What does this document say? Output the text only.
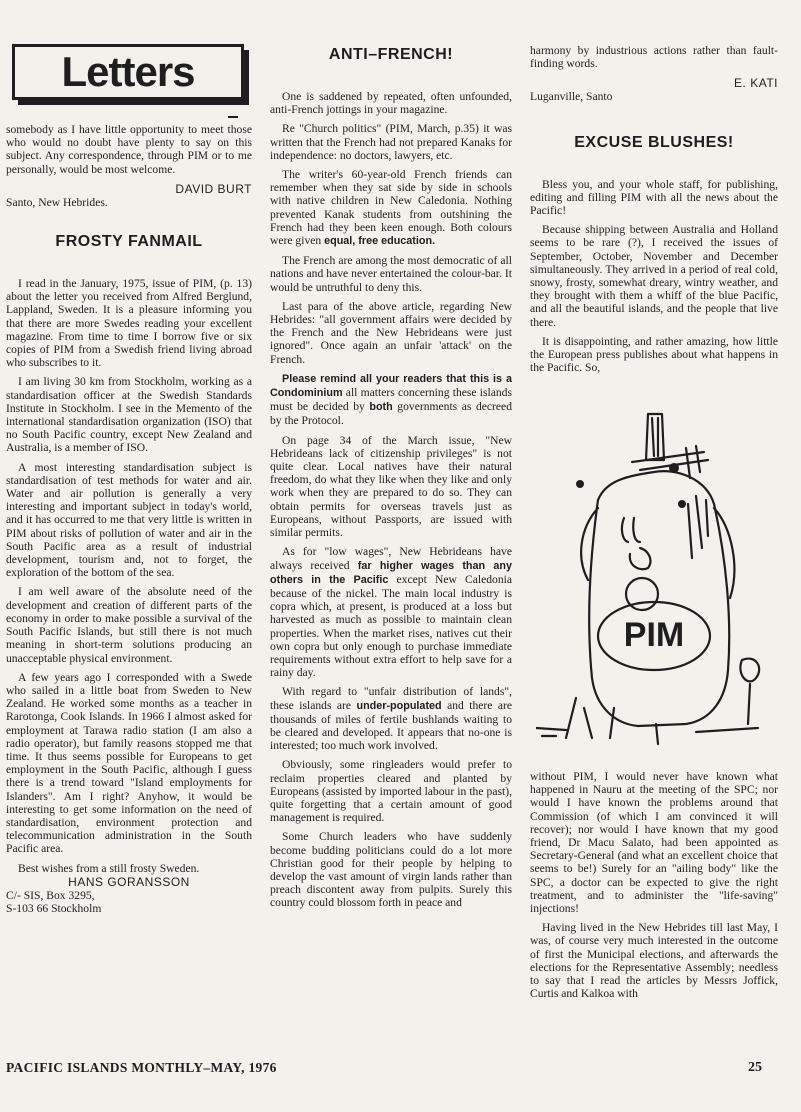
Letters

somebody as I have little opportunity to meet those who would no doubt have plenty to say on this subject. Any correspondence, through PIM or to me personally, would be most welcome.

DAVID BURT
Santo, New Hebrides.
FROSTY FANMAIL

I read in the January, 1975, issue of PIM, (p. 13) about the letter you received from Alfred Berglund, Lappland, Sweden. It is a pleasure informing you that there are more Swedes reading your excellent magazine. From time to time I borrow five or six copies of PIM from a Swedish friend living abroad who subscribes to it.

I am living 30 km from Stockholm, working as a standardisation officer at the Swedish Standards Institute in Stockholm. I see in the Memento of the international standardisation organization (ISO) that no South Pacific country, except New Zealand and Australia, is a member of ISO.

A most interesting standardisation subject is standardisation of test methods for water and air. Water and air pollution is generally a very interesting and important subject in today's world, and it has occurred to me that very little is written in PIM about risks of pollution of water and air in the South Pacific area as a result of industrial development, tourism and, not to forget, the exploration of the bottom of the sea.

I am well aware of the absolute need of the development and creation of different parts of the economy in order to make possible a survival of the South Pacific Islands, but still there is not much meaning in short-term solutions producing an unacceptable physical environment.

A few years ago I corresponded with a Swede who sailed in a little boat from Sweden to New Zealand. He worked some months as a teacher in Rarotonga, Cook Islands. In 1966 I almost asked for employment at Tarawa radio station (I am also a radio operator), but family reasons stopped me that time. It thus seems possible for Europeans to get employment in the South Pacific, although I guess there is a trend toward "Island employments for Islanders". Am I right? Anyhow, it would be interesting to get some information on the need of standardisation, environment protection and telecommunication administration in the South Pacific area.

Best wishes from a still frosty Sweden.

HANS GORANSSON
C/- SIS, Box 3295,
S-103 66 Stockholm
ANTI–FRENCH!

One is saddened by repeated, often unfounded, anti-French jottings in your magazine.

Re "Church politics" (PIM, March, p.35) it was written that the French had not prepared Kanaks for independence: no doctors, lawyers, etc.

The writer's 60-year-old French friends can remember when they sat side by side in schools with native children in New Caledonia. Nothing prevented Kanak students from outshining the French had they been keen enough. Both colours were given equal, free education.

The French are among the most democratic of all nations and have never entertained the colour-bar. It would be untruthful to deny this.

Last para of the above article, regarding New Hebrides: "all government affairs were decided by the French and the New Hebrideans were just ignored". Once again an unfair 'attack' on the French.

Please remind all your readers that this is a Condominium all matters concerning these islands must be decided by both governments as decreed by the Protocol.

On page 34 of the March issue, "New Hebrideans lack of citizenship privileges" is not quite clear. Local natives have their natural freedom, do what they like when they like and only work when they are prepared to do so. They can obtain permits for overseas travels just as Europeans, without Passports, are issued with similar permits.

As for "low wages", New Hebrideans have always received far higher wages than any others in the Pacific except New Caledonia because of the nickel. The main local industry is copra which, at present, is produced at a loss but harvested as much as possible to maintain clean properties. When the market rises, natives cut their own copra but only enough to purchase immediate requirements without extra effort to help save for a rainy day.

With regard to "unfair distribution of lands", these islands are under-populated and there are thousands of miles of fertile bushlands waiting to be cleared and developed. It appears that no-one is interested; too much work involved.

Obviously, some ringleaders would prefer to reclaim properties cleared and planted by Europeans (assisted by imported labour in the past), quite forgetting that a certain amount of good management is required.

Some Church leaders who have suddenly become budding politicians could do a lot more Christian good for their people by helping to develop the vast amount of virgin lands rather than preach discontent away from pulpits. Surely this country could blossom forth in peace and

harmony by industrious actions rather than fault-finding words.

E. KATI
Luganville, Santo
EXCUSE BLUSHES!

Bless you, and your whole staff, for publishing, editing and filling PIM with all the news about the Pacific!

Because shipping between Australia and Holland seems to be rare (?), I received the issues of September, October, November and December simultaneously. They arrived in a period of real cold, snowy, frosty, somewhat dreary, wintry weather, and they brought with them a whiff of the blue Pacific, and all the beautiful islands, and the people that live there.

It is disappointing, and rather amazing, how little the European press publishes about what happens in the Pacific. So,

PIM

without PIM, I would never have known what happened in Nauru at the meeting of the SPC; nor would I have known the problems around that Commission (of which I am convinced it will recover); nor would I have known that my good friend, Dr Macu Salato, had been appointed as Secretary-General (and what an excellent choice that seems to be!) Surely for an "ailing body" like the SPC, a doctor can be expected to give the right treatment, and to administer the "life-saving" injections!

Having lived in the New Hebrides till last May, I was, of course very much interested in the outcome of first the Municipal elections, and afterwards the elections for the Representative Assembly; needless to say that I read the articles by Messrs Joffick, Curtis and Kalkoa with

PACIFIC ISLANDS MONTHLY–MAY, 1976	25
